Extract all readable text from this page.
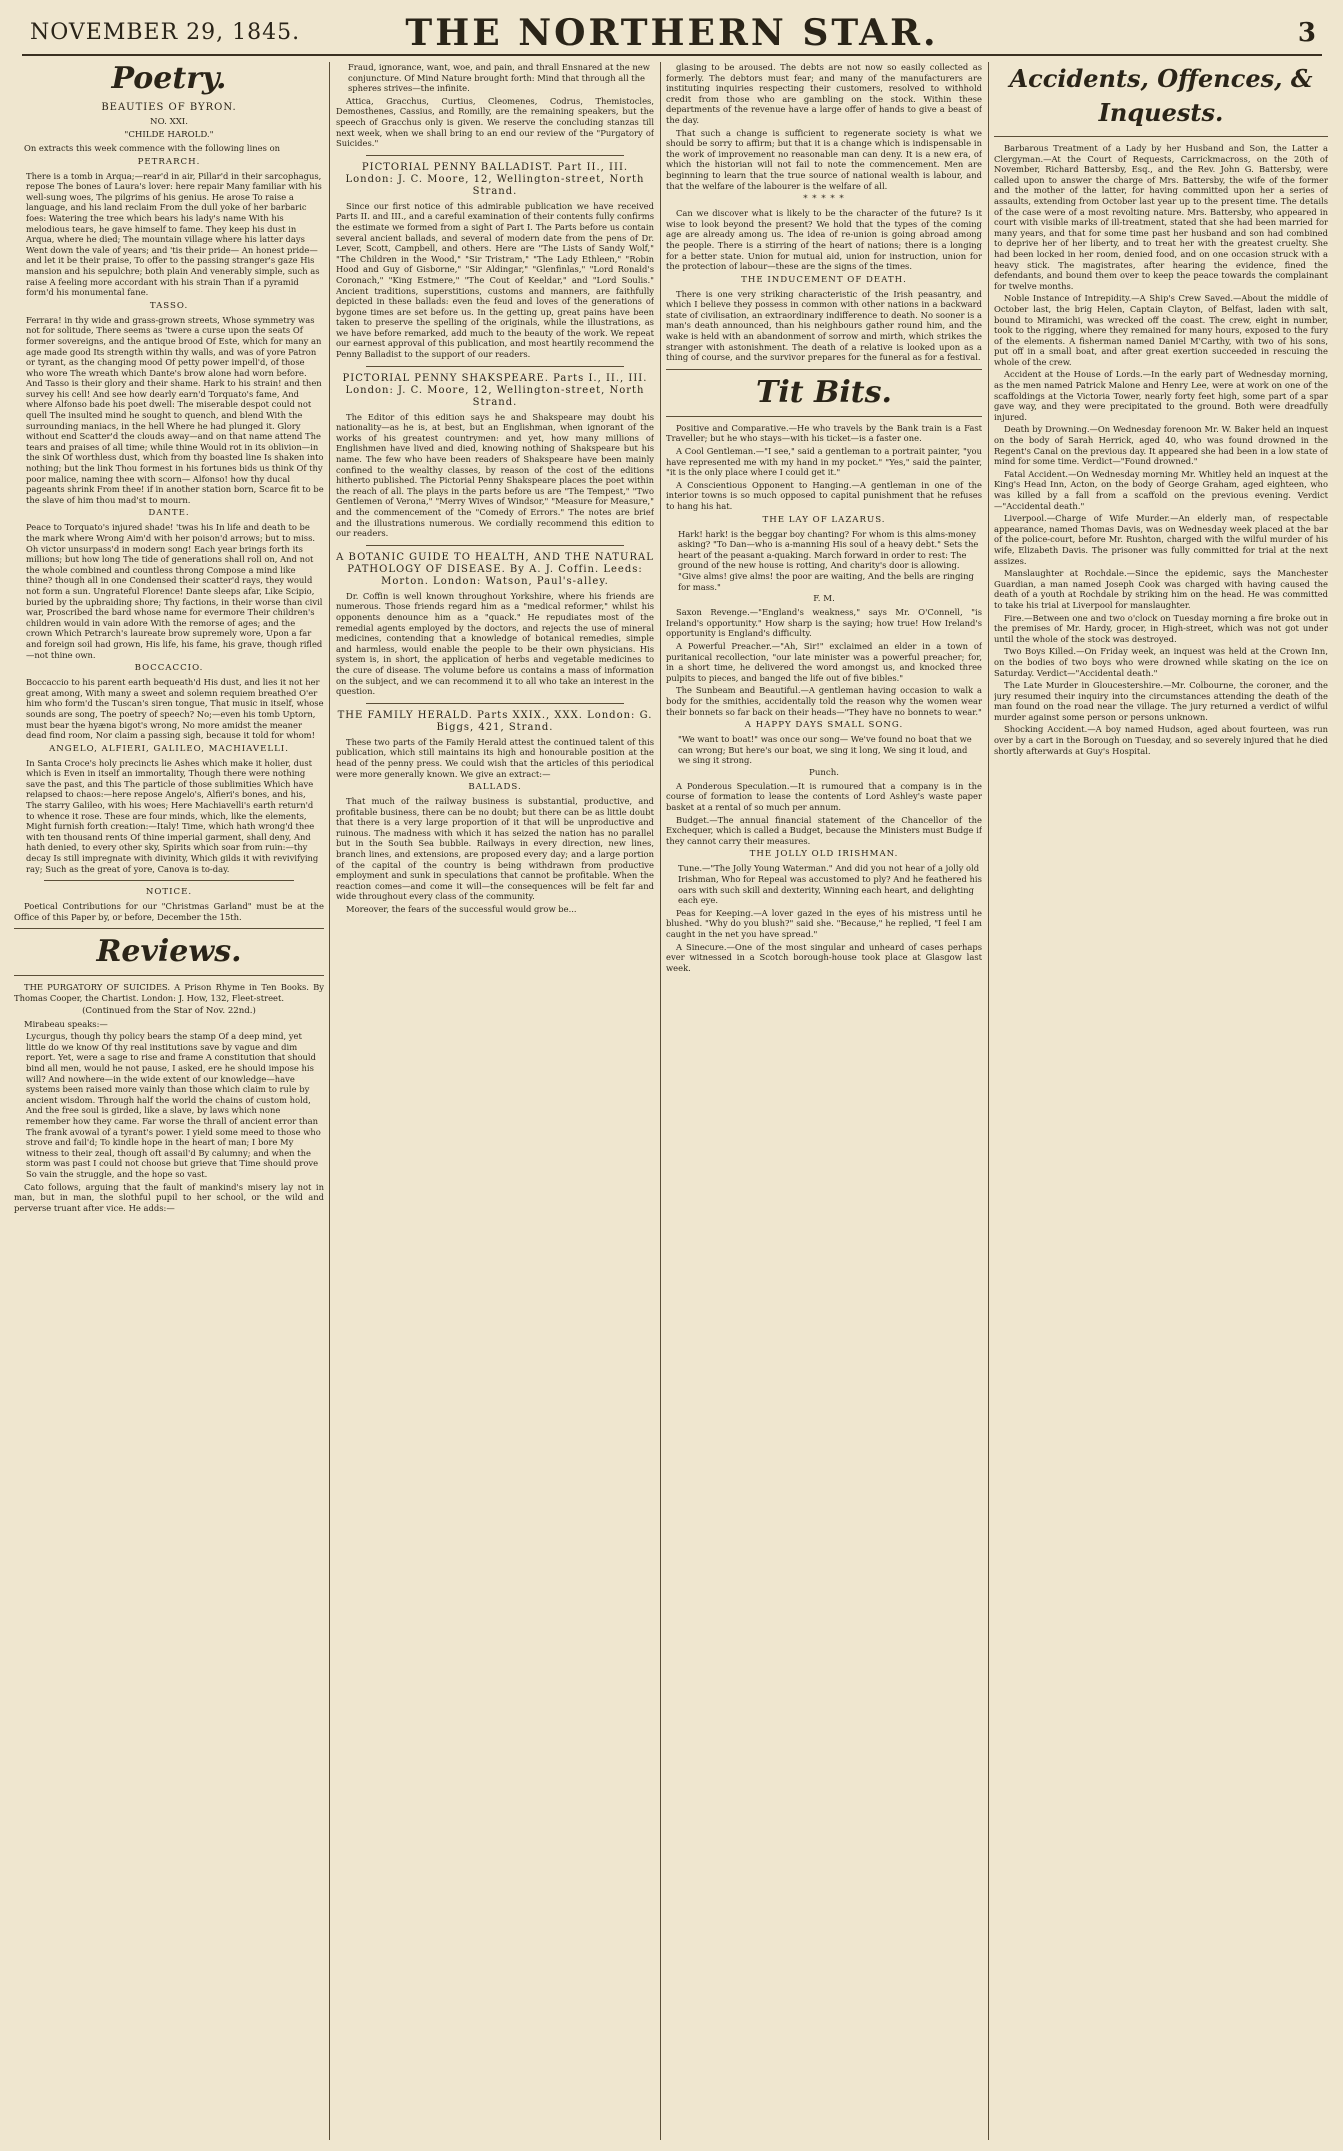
NOVEMBER 29, 1845.	THE NORTHERN STAR.	3
Poetry.
BEAUTIES OF BYRON.
NO. XXI.
"CHILDE HAROLD."

On extracts this week commence with the following lines on

PETRARCH.

There is a tomb in Arqua;—rear'd in air, Pillar'd in their sarcophagus, repose The bones of Laura's lover: here repair Many familiar with his well-sung woes, The pilgrims of his genius. He arose To raise a language, and his land reclaim From the dull yoke of her barbaric foes: Watering the tree which bears his lady's name With his melodious tears, he gave himself to fame. They keep his dust in Arqua, where he died; The mountain village where his latter days Went down the vale of years; and 'tis their pride— An honest pride—and let it be their praise, To offer to the passing stranger's gaze His mansion and his sepulchre; both plain And venerably simple, such as raise A feeling more accordant with his strain Than if a pyramid form'd his monumental fane.

TASSO.

Ferrara! in thy wide and grass-grown streets, Whose symmetry was not for solitude, There seems as 'twere a curse upon the seats Of former sovereigns, and the antique brood Of Este, which for many an age made good Its strength within thy walls, and was of yore Patron or tyrant, as the changing mood Of petty power impell'd, of those who wore The wreath which Dante's brow alone had worn before. And Tasso is their glory and their shame. Hark to his strain! and then survey his cell! And see how dearly earn'd Torquato's fame, And where Alfonso bade his poet dwell: The miserable despot could not quell The insulted mind he sought to quench, and blend With the surrounding maniacs, in the hell Where he had plunged it. Glory without end Scatter'd the clouds away—and on that name attend The tears and praises of all time; while thine Would rot in its oblivion—in the sink Of worthless dust, which from thy boasted line Is shaken into nothing; but the link Thou formest in his fortunes bids us think Of thy poor malice, naming thee with scorn— Alfonso! how thy ducal pageants shrink From thee! if in another station born, Scarce fit to be the slave of him thou mad'st to mourn.

DANTE.

Peace to Torquato's injured shade! 'twas his In life and death to be the mark where Wrong Aim'd with her poison'd arrows; but to miss. Oh victor unsurpass'd in modern song! Each year brings forth its millions; but how long The tide of generations shall roll on, And not the whole combined and countless throng Compose a mind like thine? though all in one Condensed their scatter'd rays, they would not form a sun. Ungrateful Florence! Dante sleeps afar, Like Scipio, buried by the upbraiding shore; Thy factions, in their worse than civil war, Proscribed the bard whose name for evermore Their children's children would in vain adore With the remorse of ages; and the crown Which Petrarch's laureate brow supremely wore, Upon a far and foreign soil had grown, His life, his fame, his grave, though rifled—not thine own.

BOCCACCIO.

Boccaccio to his parent earth bequeath'd His dust, and lies it not her great among, With many a sweet and solemn requiem breathed O'er him who form'd the Tuscan's siren tongue, That music in itself, whose sounds are song, The poetry of speech? No;—even his tomb Uptorn, must bear the hyæna bigot's wrong, No more amidst the meaner dead find room, Nor claim a passing sigh, because it told for whom!

ANGELO, ALFIERI, GALILEO, MACHIAVELLI.

In Santa Croce's holy precincts lie Ashes which make it holier, dust which is Even in itself an immortality, Though there were nothing save the past, and this The particle of those sublimities Which have relapsed to chaos:—here repose Angelo's, Alfieri's bones, and his, The starry Galileo, with his woes; Here Machiavelli's earth return'd to whence it rose. These are four minds, which, like the elements, Might furnish forth creation:—Italy! Time, which hath wrong'd thee with ten thousand rents Of thine imperial garment, shall deny, And hath denied, to every other sky, Spirits which soar from ruin:—thy decay Is still impregnate with divinity, Which gilds it with revivifying ray; Such as the great of yore, Canova is to-day.

NOTICE.

Poetical Contributions for our "Christmas Garland" must be at the Office of this Paper by, or before, December the 15th.

Reviews.

THE PURGATORY OF SUICIDES. A Prison Rhyme in Ten Books. By Thomas Cooper, the Chartist. London: J. How, 132, Fleet-street.

(Continued from the Star of Nov. 22nd.)

Mirabeau speaks:—

Lycurgus, though thy policy bears the stamp Of a deep mind, yet little do we know Of thy real institutions save by vague and dim report. Yet, were a sage to rise and frame A constitution that should bind all men, would he not pause, I asked, ere he should impose his will? And nowhere—in the wide extent of our knowledge—have systems been raised more vainly than those which claim to rule by ancient wisdom. Through half the world the chains of custom hold, And the free soul is girded, like a slave, by laws which none remember how they came. Far worse the thrall of ancient error than The frank avowal of a tyrant's power. I yield some meed to those who strove and fail'd; To kindle hope in the heart of man; I bore My witness to their zeal, though oft assail'd By calumny; and when the storm was past I could not choose but grieve that Time should prove So vain the struggle, and the hope so vast.

Cato follows, arguing that the fault of mankind's misery lay not in man, but in man, the slothful pupil to her school, or the wild and perverse truant after vice. He adds:—

Fraud, ignorance, want, woe, and pain, and thrall Ensnared at the new conjuncture. Of Mind Nature brought forth: Mind that through all the spheres strives—the infinite.

Attica, Gracchus, Curtius, Cleomenes, Codrus, Themistocles, Demosthenes, Cassius, and Romilly, are the remaining speakers, but the speech of Gracchus only is given. We reserve the concluding stanzas till next week, when we shall bring to an end our review of the "Purgatory of Suicides."

PICTORIAL PENNY BALLADIST. Part II., III. London: J. C. Moore, 12, Wellington-street, North Strand.

Since our first notice of this admirable publication we have received Parts II. and III., and a careful examination of their contents fully confirms the estimate we formed from a sight of Part I. The Parts before us contain several ancient ballads, and several of modern date from the pens of Dr. Lever, Scott, Campbell, and others. Here are "The Lists of Sandy Wolf," "The Children in the Wood," "Sir Tristram," "The Lady Ethleen," "Robin Hood and Guy of Gisborne," "Sir Aldingar," "Glenfinlas," "Lord Ronald's Coronach," "King Estmere," "The Cout of Keeldar," and "Lord Soulis." Ancient traditions, superstitions, customs and manners, are faithfully depicted in these ballads: even the feud and loves of the generations of bygone times are set before us. In the getting up, great pains have been taken to preserve the spelling of the originals, while the illustrations, as we have before remarked, add much to the beauty of the work. We repeat our earnest approval of this publication, and most heartily recommend the Penny Balladist to the support of our readers.

PICTORIAL PENNY SHAKSPEARE. Parts I., II., III. London: J. C. Moore, 12, Wellington-street, North Strand.

The Editor of this edition says he and Shakspeare may doubt his nationality—as he is, at best, but an Englishman, when ignorant of the works of his greatest countrymen: and yet, how many millions of Englishmen have lived and died, knowing nothing of Shakspeare but his name. The few who have been readers of Shakspeare have been mainly confined to the wealthy classes, by reason of the cost of the editions hitherto published. The Pictorial Penny Shakspeare places the poet within the reach of all. The plays in the parts before us are "The Tempest," "Two Gentlemen of Verona," "Merry Wives of Windsor," "Measure for Measure," and the commencement of the "Comedy of Errors." The notes are brief and the illustrations numerous. We cordially recommend this edition to our readers.

A BOTANIC GUIDE TO HEALTH, AND THE NATURAL PATHOLOGY OF DISEASE. By A. J. Coffin. Leeds: Morton. London: Watson, Paul's-alley.

Dr. Coffin is well known throughout Yorkshire, where his friends are numerous. Those friends regard him as a "medical reformer," whilst his opponents denounce him as a "quack." He repudiates most of the remedial agents employed by the doctors, and rejects the use of mineral medicines, contending that a knowledge of botanical remedies, simple and harmless, would enable the people to be their own physicians. His system is, in short, the application of herbs and vegetable medicines to the cure of disease. The volume before us contains a mass of information on the subject, and we can recommend it to all who take an interest in the question.

THE FAMILY HERALD. Parts XXIX., XXX. London: G. Biggs, 421, Strand.

These two parts of the Family Herald attest the continued talent of this publication, which still maintains its high and honourable position at the head of the penny press. We could wish that the articles of this periodical were more generally known. We give an extract:—

BALLADS.

That much of the railway business is substantial, productive, and profitable business, there can be no doubt; but there can be as little doubt that there is a very large proportion of it that will be unproductive and ruinous. The madness with which it has seized the nation has no parallel but in the South Sea bubble. Railways in every direction, new lines, branch lines, and extensions, are proposed every day; and a large portion of the capital of the country is being withdrawn from productive employment and sunk in speculations that cannot be profitable. When the reaction comes—and come it will—the consequences will be felt far and wide throughout every class of the community.

Moreover, the fears of the successful would grow be...

glasing to be aroused. The debts are not now so easily collected as formerly. The debtors must fear; and many of the manufacturers are instituting inquiries respecting their customers, resolved to withhold credit from those who are gambling on the stock. Within these departments of the revenue have a large offer of hands to give a beast of the day.

That such a change is sufficient to regenerate society is what we should be sorry to affirm; but that it is a change which is indispensable in the work of improvement no reasonable man can deny. It is a new era, of which the historian will not fail to note the commencement. Men are beginning to learn that the true source of national wealth is labour, and that the welfare of the labourer is the welfare of all.

* * * * *

Can we discover what is likely to be the character of the future? Is it wise to look beyond the present? We hold that the types of the coming age are already among us. The idea of re-union is going abroad among the people. There is a stirring of the heart of nations; there is a longing for a better state. Union for mutual aid, union for instruction, union for the protection of labour—these are the signs of the times.

THE INDUCEMENT OF DEATH.

There is one very striking characteristic of the Irish peasantry, and which I believe they possess in common with other nations in a backward state of civilisation, an extraordinary indifference to death. No sooner is a man's death announced, than his neighbours gather round him, and the wake is held with an abandonment of sorrow and mirth, which strikes the stranger with astonishment. The death of a relative is looked upon as a thing of course, and the survivor prepares for the funeral as for a festival.

Tit Bits.

Positive and Comparative.—He who travels by the Bank train is a Fast Traveller; but he who stays—with his ticket—is a faster one.

A Cool Gentleman.—"I see," said a gentleman to a portrait painter, "you have represented me with my hand in my pocket." "Yes," said the painter, "it is the only place where I could get it."

A Conscientious Opponent to Hanging.—A gentleman in one of the interior towns is so much opposed to capital punishment that he refuses to hang his hat.

THE LAY OF LAZARUS.

Hark! hark! is the beggar boy chanting? For whom is this alms-money asking? "To Dan—who is a-manning His soul of a heavy debt." Sets the heart of the peasant a-quaking. March forward in order to rest: The ground of the new house is rotting, And charity's door is allowing. "Give alms! give alms! the poor are waiting, And the bells are ringing for mass."

F. M.

Saxon Revenge.—"England's weakness," says Mr. O'Connell, "is Ireland's opportunity." How sharp is the saying; how true! How Ireland's opportunity is England's difficulty.

A Powerful Preacher.—"Ah, Sir!" exclaimed an elder in a town of puritanical recollection, "our late minister was a powerful preacher; for, in a short time, he delivered the word amongst us, and knocked three pulpits to pieces, and banged the life out of five bibles."

The Sunbeam and Beautiful.—A gentleman having occasion to walk a body for the smithies, accidentally told the reason why the women wear their bonnets so far back on their heads—"They have no bonnets to wear."

A HAPPY DAYS SMALL SONG.

"We want to boat!" was once our song— We've found no boat that we can wrong; But here's our boat, we sing it long, We sing it loud, and we sing it strong.

Punch.

A Ponderous Speculation.—It is rumoured that a company is in the course of formation to lease the contents of Lord Ashley's waste paper basket at a rental of so much per annum.

Budget.—The annual financial statement of the Chancellor of the Exchequer, which is called a Budget, because the Ministers must Budge if they cannot carry their measures.

THE JOLLY OLD IRISHMAN.

Tune.—"The Jolly Young Waterman." And did you not hear of a jolly old Irishman, Who for Repeal was accustomed to ply? And he feathered his oars with such skill and dexterity, Winning each heart, and delighting each eye.

Peas for Keeping.—A lover gazed in the eyes of his mistress until he blushed. "Why do you blush?" said she. "Because," he replied, "I feel I am caught in the net you have spread."

A Sinecure.—One of the most singular and unheard of cases perhaps ever witnessed in a Scotch borough-house took place at Glasgow last week.

Accidents, Offences, & Inquests.

Barbarous Treatment of a Lady by her Husband and Son, the Latter a Clergyman.—At the Court of Requests, Carrickmacross, on the 20th of November, Richard Battersby, Esq., and the Rev. John G. Battersby, were called upon to answer the charge of Mrs. Battersby, the wife of the former and the mother of the latter, for having committed upon her a series of assaults, extending from October last year up to the present time. The details of the case were of a most revolting nature. Mrs. Battersby, who appeared in court with visible marks of ill-treatment, stated that she had been married for many years, and that for some time past her husband and son had combined to deprive her of her liberty, and to treat her with the greatest cruelty. She had been locked in her room, denied food, and on one occasion struck with a heavy stick. The magistrates, after hearing the evidence, fined the defendants, and bound them over to keep the peace towards the complainant for twelve months.

Noble Instance of Intrepidity.—A Ship's Crew Saved.—About the middle of October last, the brig Helen, Captain Clayton, of Belfast, laden with salt, bound to Miramichi, was wrecked off the coast. The crew, eight in number, took to the rigging, where they remained for many hours, exposed to the fury of the elements. A fisherman named Daniel M'Carthy, with two of his sons, put off in a small boat, and after great exertion succeeded in rescuing the whole of the crew.

Accident at the House of Lords.—In the early part of Wednesday morning, as the men named Patrick Malone and Henry Lee, were at work on one of the scaffoldings at the Victoria Tower, nearly forty feet high, some part of a spar gave way, and they were precipitated to the ground. Both were dreadfully injured.

Death by Drowning.—On Wednesday forenoon Mr. W. Baker held an inquest on the body of Sarah Herrick, aged 40, who was found drowned in the Regent's Canal on the previous day. It appeared she had been in a low state of mind for some time. Verdict—"Found drowned."

Fatal Accident.—On Wednesday morning Mr. Whitley held an inquest at the King's Head Inn, Acton, on the body of George Graham, aged eighteen, who was killed by a fall from a scaffold on the previous evening. Verdict—"Accidental death."

Liverpool.—Charge of Wife Murder.—An elderly man, of respectable appearance, named Thomas Davis, was on Wednesday week placed at the bar of the police-court, before Mr. Rushton, charged with the wilful murder of his wife, Elizabeth Davis. The prisoner was fully committed for trial at the next assizes.

Manslaughter at Rochdale.—Since the epidemic, says the Manchester Guardian, a man named Joseph Cook was charged with having caused the death of a youth at Rochdale by striking him on the head. He was committed to take his trial at Liverpool for manslaughter.

Fire.—Between one and two o'clock on Tuesday morning a fire broke out in the premises of Mr. Hardy, grocer, in High-street, which was not got under until the whole of the stock was destroyed.

Two Boys Killed.—On Friday week, an inquest was held at the Crown Inn, on the bodies of two boys who were drowned while skating on the ice on Saturday. Verdict—"Accidental death."

The Late Murder in Gloucestershire.—Mr. Colbourne, the coroner, and the jury resumed their inquiry into the circumstances attending the death of the man found on the road near the village. The jury returned a verdict of wilful murder against some person or persons unknown.

Shocking Accident.—A boy named Hudson, aged about fourteen, was run over by a cart in the Borough on Tuesday, and so severely injured that he died shortly afterwards at Guy's Hospital.
